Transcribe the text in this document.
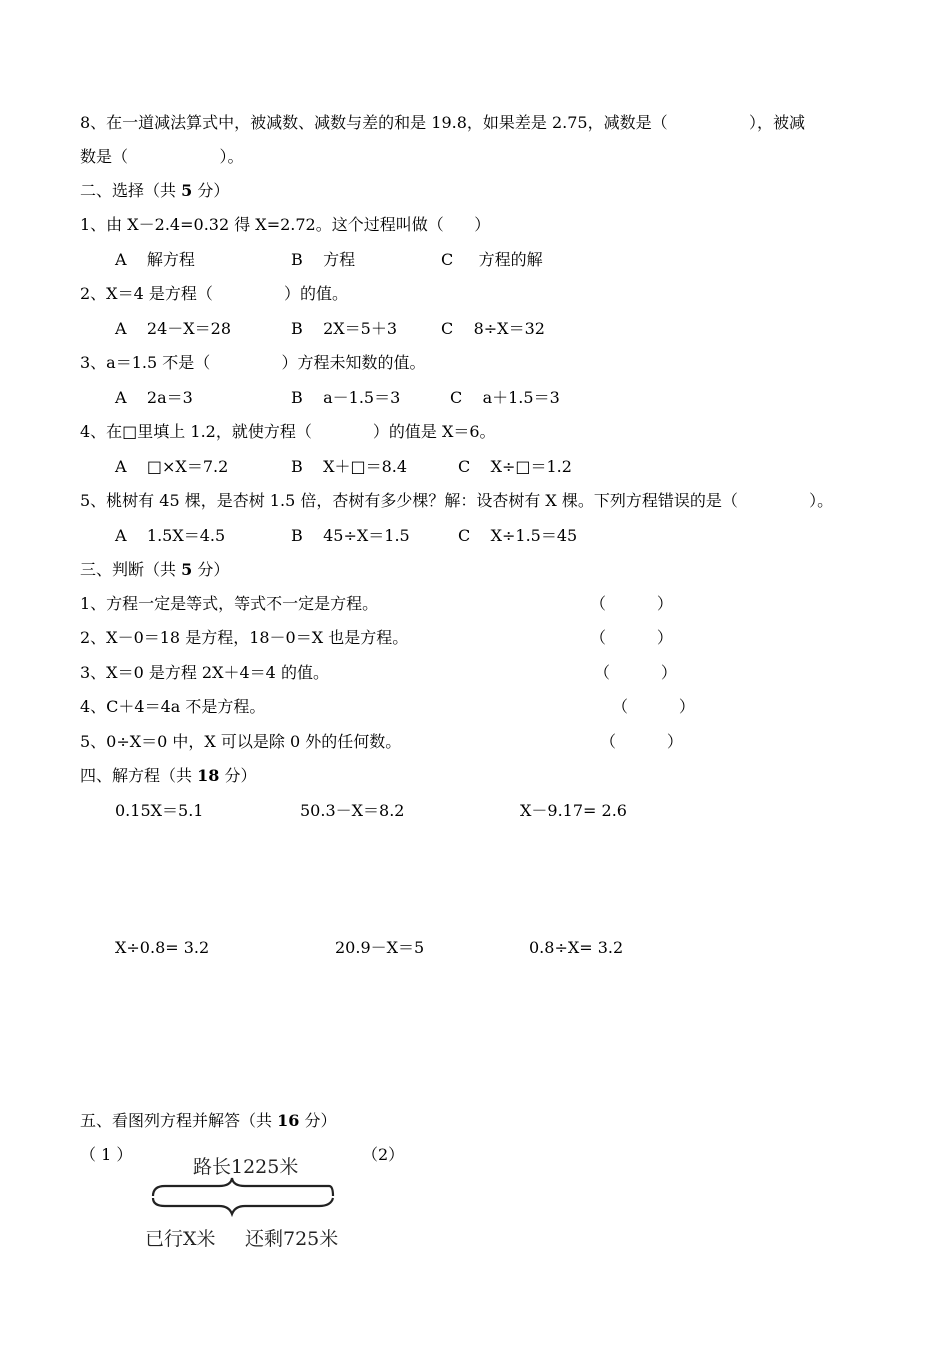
8、在一道减法算式中，被减数、减数与差的和是 19.8，如果差是 2.75，减数是（                ），被减
数是（                  ）。
二、选择（共 5 分）
1、由 X－2.4=0.32 得 X=2.72。这个过程叫做（      ）
A    解方程	B    方程	C     方程的解
2、X＝4 是方程（              ）的值。
A    24－X＝28	B    2X＝5＋3	C    8÷X＝32
3、a＝1.5 不是（              ）方程未知数的值。
A    2a＝3	B    a－1.5＝3	C    a＋1.5＝3
4、在□里填上 1.2，就使方程（            ）的值是 X＝6。
A    □×X＝7.2	B    X＋□＝8.4	C    X÷□＝1.2
5、桃树有 45 棵，是杏树 1.5 倍，杏树有多少棵？解：设杏树有 X 棵。下列方程错误的是（              ）。
A    1.5X＝4.5	B    45÷X＝1.5	C    X÷1.5＝45
三、判断（共 5 分）
1、方程一定是等式，等式不一定是方程。	（          ）
2、X－0＝18 是方程，18－0＝X 也是方程。	（          ）
3、X＝0 是方程 2X＋4＝4 的值。	（          ）
4、C＋4＝4a 不是方程。	（          ）
5、0÷X＝0 中，X 可以是除 0 外的任何数。	（          ）
四、解方程（共 18 分）
0.15X＝5.1	50.3－X＝8.2	X－9.17= 2.6
X÷0.8= 3.2	20.9－X＝5	0.8÷X= 3.2
五、看图列方程并解答（共 16 分）
（ 1 ）	（2）
路长1225米
已行X米 还剩725米
